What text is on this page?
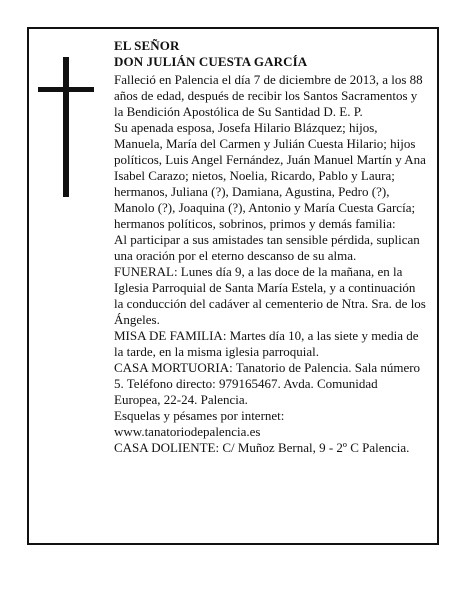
EL SEÑOR

DON JULIÁN CUESTA GARCÍA

Falleció en Palencia el día 7 de diciembre de 2013, a los 88 años de edad, después de recibir los Santos Sacramentos y la Bendición Apostólica de Su Santidad D. E. P.

Su apenada esposa, Josefa Hilario Blázquez; hijos, Manuela, María del Carmen y Julián Cuesta Hilario; hijos políticos, Luis Angel Fernández, Juán Manuel Martín y Ana Isabel Carazo; nietos, Noelia, Ricardo, Pablo y Laura; hermanos, Juliana (?), Damiana, Agustina, Pedro (?), Manolo (?), Joaquina (?), Antonio y María Cuesta García; hermanos políticos, sobrinos, primos y demás familia:

Al participar a sus amistades tan sensible pérdida, suplican una oración por el eterno descanso de su alma.

FUNERAL: Lunes día 9, a las doce de la mañana, en la Iglesia Parroquial de Santa María Estela, y a continuación la conducción del cadáver al cementerio de Ntra. Sra. de los Ángeles.

MISA DE FAMILIA: Martes día 10, a las siete y media de la tarde, en la misma iglesia parroquial.

CASA MORTUORIA: Tanatorio de Palencia. Sala número 5. Teléfono directo: 979165467. Avda. Comunidad Europea, 22-24. Palencia.

Esquelas y pésames por internet: www.tanatoriodepalencia.es

CASA DOLIENTE: C/ Muñoz Bernal, 9 - 2º C Palencia.
